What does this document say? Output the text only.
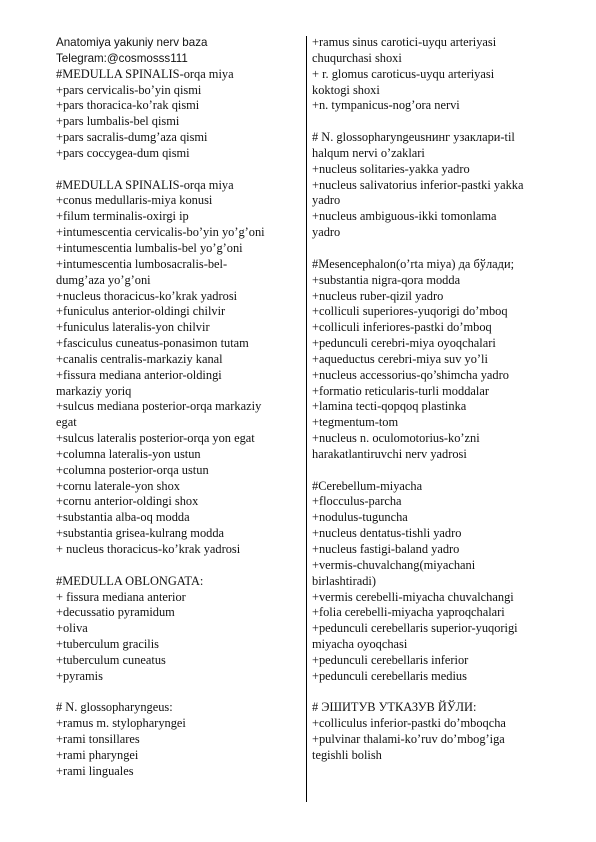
Anatomiya yakuniy nerv baza
Telegram:@cosmosss111
#MEDULLA SPINALIS-orqa miya
+pars cervicalis-bo’yin qismi
+pars thoracica-ko’rak qismi
+pars lumbalis-bel qismi
+pars sacralis-dumg’aza qismi
+pars coccygea-dum qismi
#MEDULLA SPINALIS-orqa miya
+conus medullaris-miya konusi
+filum terminalis-oxirgi ip
+intumescentia cervicalis-bo’yin yo’g’oni
+intumescentia lumbalis-bel yo’g’oni
+intumescentia lumbosacralis-bel-
dumg’aza yo’g’oni
+nucleus thoracicus-ko’krak yadrosi
+funiculus anterior-oldingi chilvir
+funiculus lateralis-yon chilvir
+fasciculus cuneatus-ponasimon tutam
+canalis centralis-markaziy kanal
+fissura mediana anterior-oldingi
markaziy yoriq
+sulcus mediana posterior-orqa markaziy
egat
+sulcus lateralis posterior-orqa yon egat
+columna lateralis-yon ustun
+columna posterior-orqa ustun
+cornu laterale-yon shox
+cornu anterior-oldingi shox
+substantia alba-oq modda
+substantia grisea-kulrang modda
+ nucleus thoracicus-ko’krak yadrosi
#MEDULLA OBLONGATA:
+ fissura mediana anterior
+decussatio pyramidum
+oliva
+tuberculum gracilis
+tuberculum cuneatus
+pyramis
# N. glossopharyngeus:
+ramus m. stylopharyngei
+rami tonsillares
+rami pharyngei
+rami linguales
+ramus sinus carotici-uyqu arteriyasi
chuqurchasi shoxi
+ r. glomus caroticus-uyqu arteriyasi
koktogi shoxi
+n. tympanicus-nog’ora nervi
# N. glossopharyngeusнинг узаклари-til
halqum nervi o’zaklari
+nucleus solitaries-yakka yadro
+nucleus salivatorius inferior-pastki yakka
yadro
+nucleus ambiguous-ikki tomonlama
yadro
#Mesencephalon(o’rta miya) да бўлади;
+substantia nigra-qora modda
+nucleus ruber-qizil yadro
+colliculi superiores-yuqorigi do’mboq
+colliculi inferiores-pastki do’mboq
+pedunculi cerebri-miya oyoqchalari
+aqueductus cerebri-miya suv yo’li
+nucleus accessorius-qo’shimcha yadro
+formatio reticularis-turli moddalar
+lamina tecti-qopqoq plastinka
+tegmentum-tom
+nucleus n. oculomotorius-ko’zni
harakatlantiruvchi nerv yadrosi
#Cerebellum-miyacha
+flocculus-parcha
+nodulus-tuguncha
+nucleus dentatus-tishli yadro
+nucleus fastigi-baland yadro
+vermis-chuvalchang(miyachani
birlashtiradi)
+vermis cerebelli-miyacha chuvalchangi
+folia cerebelli-miyacha yaproqchalari
+pedunculi cerebellaris superior-yuqorigi
miyacha oyoqchasi
+pedunculi cerebellaris inferior
+pedunculi cerebellaris medius
# ЭШИТУВ УТКАЗУВ ЙЎЛИ:
+colliculus inferior-pastki do’mboqcha
+pulvinar thalami-ko’ruv do’mbog’iga
tegishli bolish
